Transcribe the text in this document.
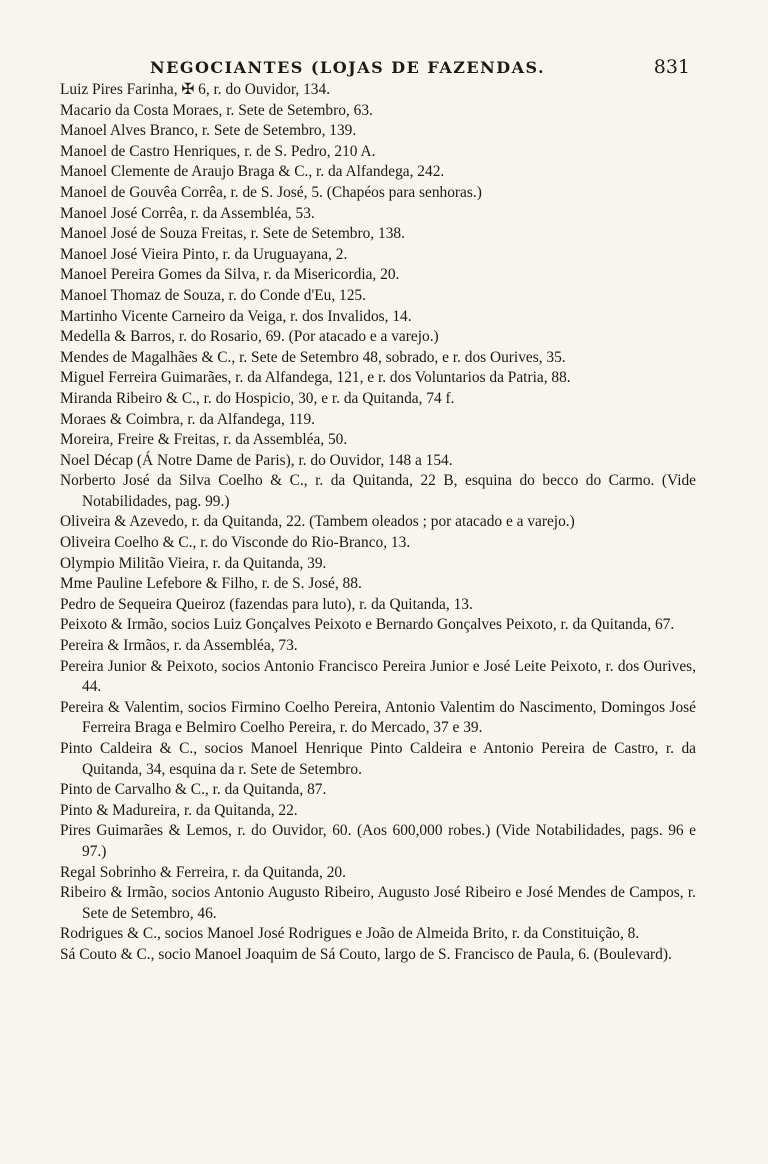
NEGOCIANTES (LOJAS DE FAZENDAS.	831
Luiz Pires Farinha, ✠ 6, r. do Ouvidor, 134.
Macario da Costa Moraes, r. Sete de Setembro, 63.
Manoel Alves Branco, r. Sete de Setembro, 139.
Manoel de Castro Henriques, r. de S. Pedro, 210 A.
Manoel Clemente de Araujo Braga & C., r. da Alfandega, 242.
Manoel de Gouvêa Corrêa, r. de S. José, 5. (Chapéos para senhoras.)
Manoel José Corrêa, r. da Assembléa, 53.
Manoel José de Souza Freitas, r. Sete de Setembro, 138.
Manoel José Vieira Pinto, r. da Uruguayana, 2.
Manoel Pereira Gomes da Silva, r. da Misericordia, 20.
Manoel Thomaz de Souza, r. do Conde d'Eu, 125.
Martinho Vicente Carneiro da Veiga, r. dos Invalidos, 14.
Medella & Barros, r. do Rosario, 69. (Por atacado e a varejo.)
Mendes de Magalhães & C., r. Sete de Setembro 48, sobrado, e r. dos Ourives, 35.
Miguel Ferreira Guimarães, r. da Alfandega, 121, e r. dos Voluntarios da Patria, 88.
Miranda Ribeiro & C., r. do Hospicio, 30, e r. da Quitanda, 74 f.
Moraes & Coimbra, r. da Alfandega, 119.
Moreira, Freire & Freitas, r. da Assembléa, 50.
Noel Décap (Á Notre Dame de Paris), r. do Ouvidor, 148 a 154.
Norberto José da Silva Coelho & C., r. da Quitanda, 22 B, esquina do becco do Carmo. (Vide Notabilidades, pag. 99.)
Oliveira & Azevedo, r. da Quitanda, 22. (Tambem oleados ; por atacado e a varejo.)
Oliveira Coelho & C., r. do Visconde do Rio-Branco, 13.
Olympio Militão Vieira, r. da Quitanda, 39.
Mme Pauline Lefebore & Filho, r. de S. José, 88.
Pedro de Sequeira Queiroz (fazendas para luto), r. da Quitanda, 13.
Peixoto & Irmão, socios Luiz Gonçalves Peixoto e Bernardo Gonçalves Peixoto, r. da Quitanda, 67.
Pereira & Irmãos, r. da Assembléa, 73.
Pereira Junior & Peixoto, socios Antonio Francisco Pereira Junior e José Leite Peixoto, r. dos Ourives, 44.
Pereira & Valentim, socios Firmino Coelho Pereira, Antonio Valentim do Nascimento, Domingos José Ferreira Braga e Belmiro Coelho Pereira, r. do Mercado, 37 e 39.
Pinto Caldeira & C., socios Manoel Henrique Pinto Caldeira e Antonio Pereira de Castro, r. da Quitanda, 34, esquina da r. Sete de Setembro.
Pinto de Carvalho & C., r. da Quitanda, 87.
Pinto & Madureira, r. da Quitanda, 22.
Pires Guimarães & Lemos, r. do Ouvidor, 60. (Aos 600,000 robes.) (Vide Notabilidades, pags. 96 e 97.)
Regal Sobrinho & Ferreira, r. da Quitanda, 20.
Ribeiro & Irmão, socios Antonio Augusto Ribeiro, Augusto José Ribeiro e José Mendes de Campos, r. Sete de Setembro, 46.
Rodrigues & C., socios Manoel José Rodrigues e João de Almeida Brito, r. da Constituição, 8.
Sá Couto & C., socio Manoel Joaquim de Sá Couto, largo de S. Francisco de Paula, 6. (Boulevard).
